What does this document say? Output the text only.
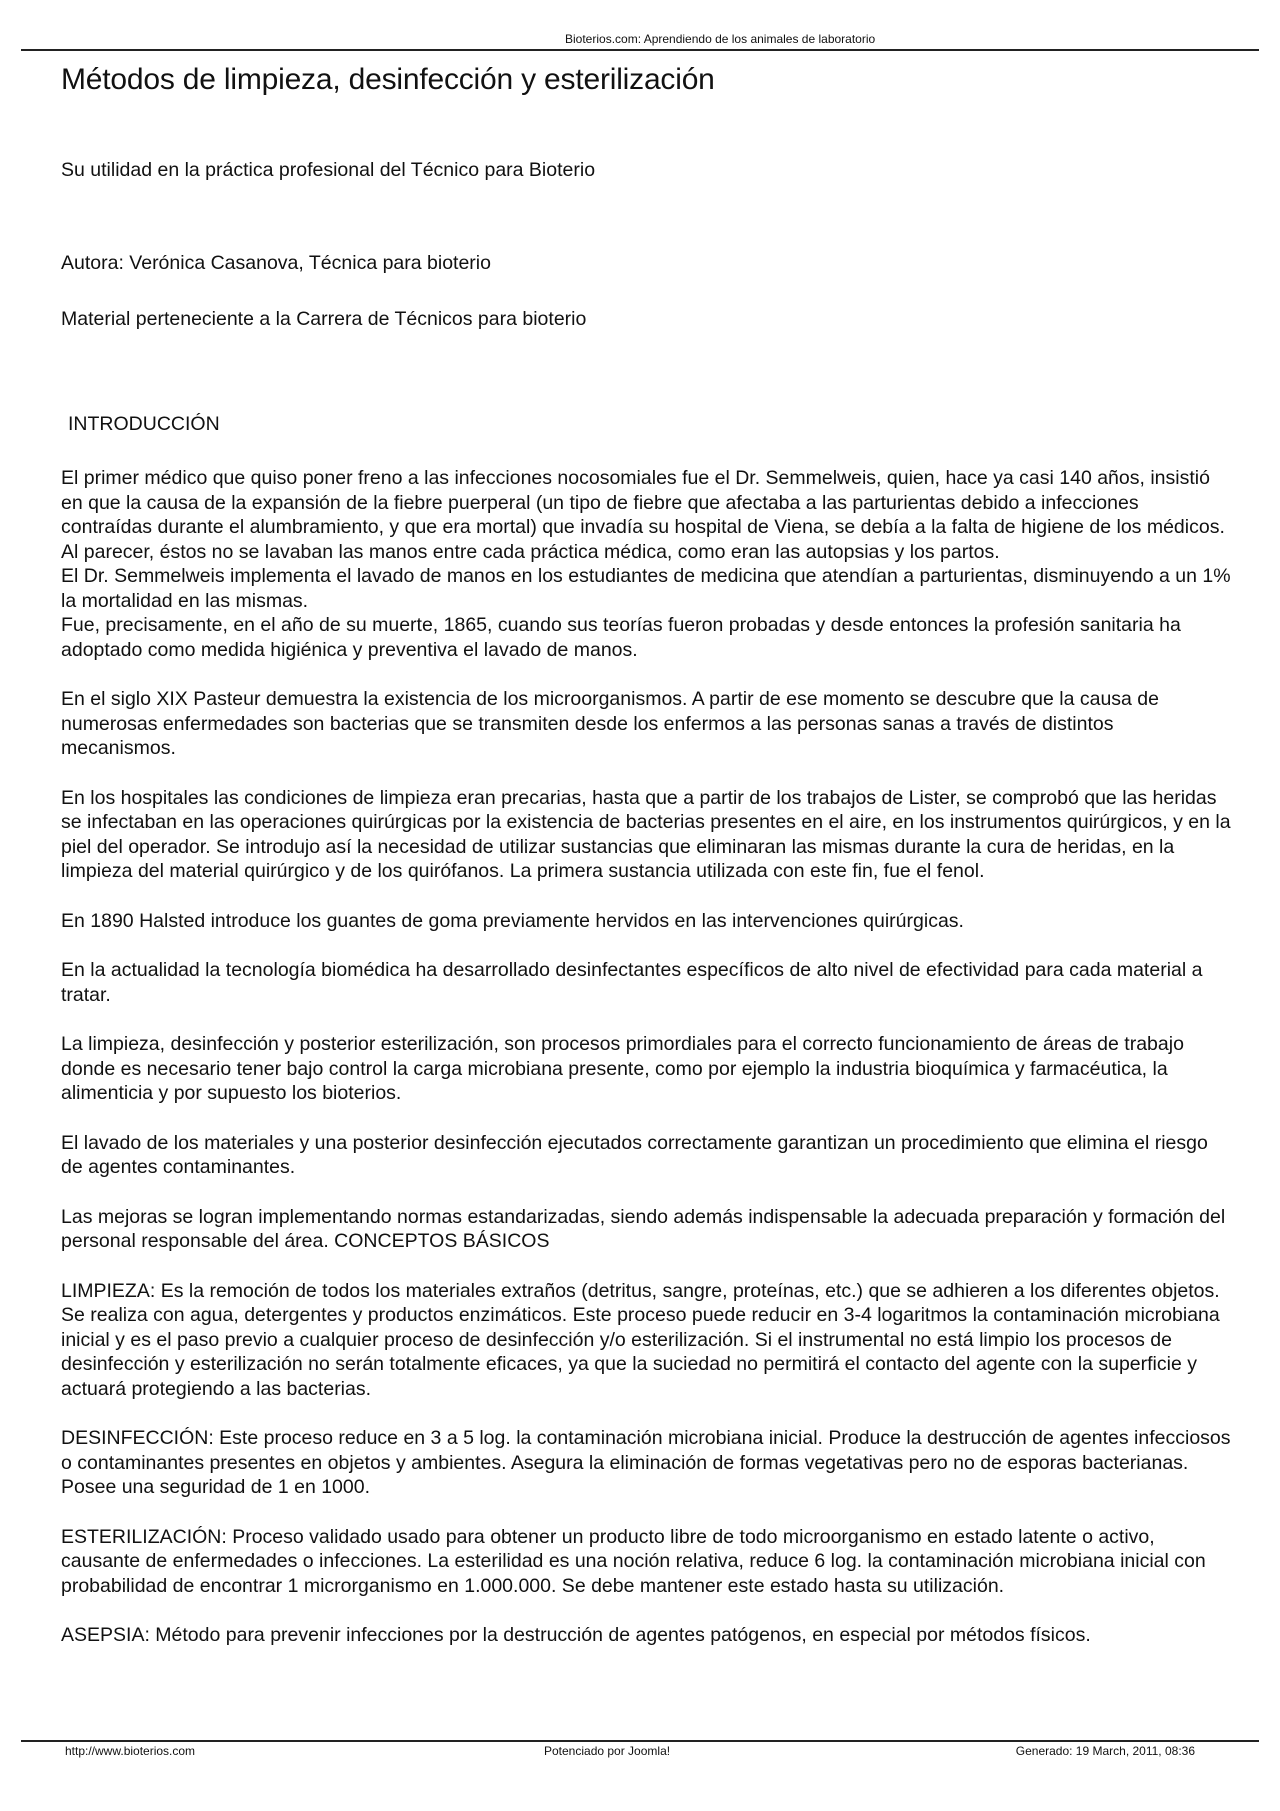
Bioterios.com: Aprendiendo de los animales de laboratorio
Métodos de limpieza, desinfección y esterilización

Su utilidad en la práctica profesional del Técnico para Bioterio

Autora: Verónica Casanova, Técnica para bioterio

Material perteneciente a la Carrera de Técnicos para bioterio

INTRODUCCIÓN

El primer médico que quiso poner freno a las infecciones nocosomiales fue el Dr. Semmelweis, quien, hace ya casi 140 años, insistió en que la causa de la expansión de la fiebre puerperal (un tipo de fiebre que afectaba a las parturientas debido a infecciones contraídas durante el alumbramiento, y que era mortal) que invadía su hospital de Viena, se debía a la falta de higiene de los médicos.

Al parecer, éstos no se lavaban las manos entre cada práctica médica, como eran las autopsias y los partos.

El Dr. Semmelweis implementa el lavado de manos en los estudiantes de medicina que atendían a parturientas, disminuyendo a un 1% la mortalidad en las mismas.

Fue, precisamente, en el año de su muerte, 1865, cuando sus teorías fueron probadas y desde entonces la profesión sanitaria ha adoptado como medida higiénica y preventiva el lavado de manos.

En el siglo XIX Pasteur demuestra la existencia de los microorganismos. A partir de ese momento se descubre que la causa de numerosas enfermedades son bacterias que se transmiten desde los enfermos a las personas sanas a través de distintos mecanismos.

En los hospitales las condiciones de limpieza eran precarias, hasta que a partir de los trabajos de Lister, se comprobó que las heridas se infectaban en las operaciones quirúrgicas por la existencia de bacterias presentes en el aire, en los instrumentos quirúrgicos, y en la piel del operador. Se introdujo así la necesidad de utilizar sustancias que eliminaran las mismas durante la cura de heridas, en la limpieza del material quirúrgico y de los quirófanos. La primera sustancia utilizada con este fin, fue el fenol.

En 1890 Halsted introduce los guantes de goma previamente hervidos en las intervenciones quirúrgicas.

En la actualidad la tecnología biomédica ha desarrollado desinfectantes específicos de alto nivel de efectividad para cada material a tratar.

La limpieza, desinfección y posterior esterilización, son procesos primordiales para el correcto funcionamiento de áreas de trabajo donde es necesario tener bajo control la carga microbiana presente, como por ejemplo la industria bioquímica y farmacéutica, la alimenticia y por supuesto los bioterios.

El lavado de los materiales y una posterior desinfección ejecutados correctamente garantizan un procedimiento que elimina el riesgo de agentes contaminantes.

Las mejoras se logran implementando normas estandarizadas, siendo además indispensable la adecuada preparación y formación del personal responsable del área. CONCEPTOS BÁSICOS

LIMPIEZA: Es la remoción de todos los materiales extraños (detritus, sangre, proteínas, etc.) que se adhieren a los diferentes objetos. Se realiza con agua, detergentes y productos enzimáticos. Este proceso puede reducir en 3-4 logaritmos la contaminación microbiana inicial y es el paso previo a cualquier proceso de desinfección y/o esterilización. Si el instrumental no está limpio los procesos de desinfección y esterilización no serán totalmente eficaces, ya que la suciedad no permitirá el contacto del agente con la superficie y actuará protegiendo a las bacterias.

DESINFECCIÓN: Este proceso reduce en 3 a 5 log. la contaminación microbiana inicial. Produce la destrucción de agentes infecciosos o contaminantes presentes en objetos y ambientes. Asegura la eliminación de formas vegetativas pero no de esporas bacterianas. Posee una seguridad de 1 en 1000.

ESTERILIZACIÓN: Proceso validado usado para obtener un producto libre de todo microorganismo en estado latente o activo, causante de enfermedades o infecciones. La esterilidad es una noción relativa, reduce 6 log. la contaminación microbiana inicial con probabilidad de encontrar 1 microrganismo en 1.000.000. Se debe mantener este estado hasta su utilización.

ASEPSIA: Método para prevenir infecciones por la destrucción de agentes patógenos, en especial por métodos físicos.

http://www.bioterios.com	Potenciado por Joomla!	Generado: 19 March, 2011, 08:36
